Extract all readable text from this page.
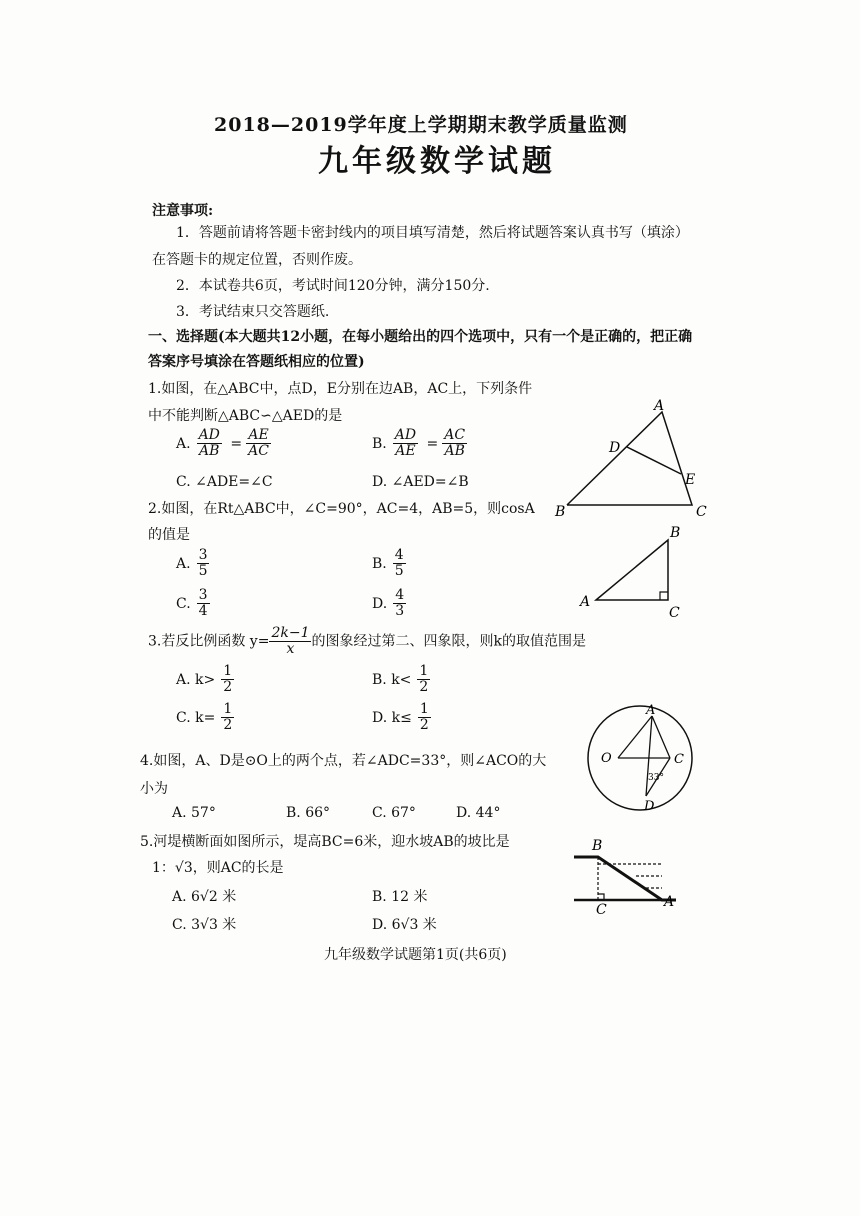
2018—2019学年度上学期期末教学质量监测
九年级数学试题
注意事项:
1．答题前请将答题卡密封线内的项目填写清楚，然后将试题答案认真书写（填涂）
在答题卡的规定位置，否则作废。
2．本试卷共6页，考试时间120分钟，满分150分.
3．考试结束只交答题纸.
一、选择题(本大题共12小题，在每小题给出的四个选项中，只有一个是正确的，把正确
答案序号填涂在答题纸相应的位置)
1.如图，在△ABC中，点D，E分别在边AB，AC上，下列条件
中不能判断△ABC∽△AED的是
A. $\frac{AD}{AB} = \frac{AE}{AC}$	B. $\frac{AD}{AE} = \frac{AC}{AB}$
C. ∠ADE=∠C	D. ∠AED=∠B
A
B	C
D
E
2.如图，在Rt△ABC中，∠C=90°，AC=4，AB=5，则cosA
的值是
A. $\frac{3}{5}$	B. $\frac{4}{5}$
C. $\frac{3}{4}$	D. $\frac{4}{3}$
B
A
C
3.若反比例函数 $y= \frac{2k-1}{x}$ 的图象经过第二、四象限，则k的取值范围是
A. $k> \frac{1}{2}$	B. $k< \frac{1}{2}$
C. $k= \frac{1}{2}$	D. $k\le \frac{1}{2}$
4.如图，A、D是⊙O上的两个点，若∠ADC=33°，则∠ACO的大
小为
A. 57°	B. 66°	C. 67°	D. 44°
A
O	C
D
33°
5.河堤横断面如图所示，堤高BC=6米，迎水坡AB的坡比是
1：√3，则AC的长是
A. 6√2 米	B. 12 米
C. 3√3 米	D. 6√3 米
B
C	A
九年级数学试题第1页(共6页)
